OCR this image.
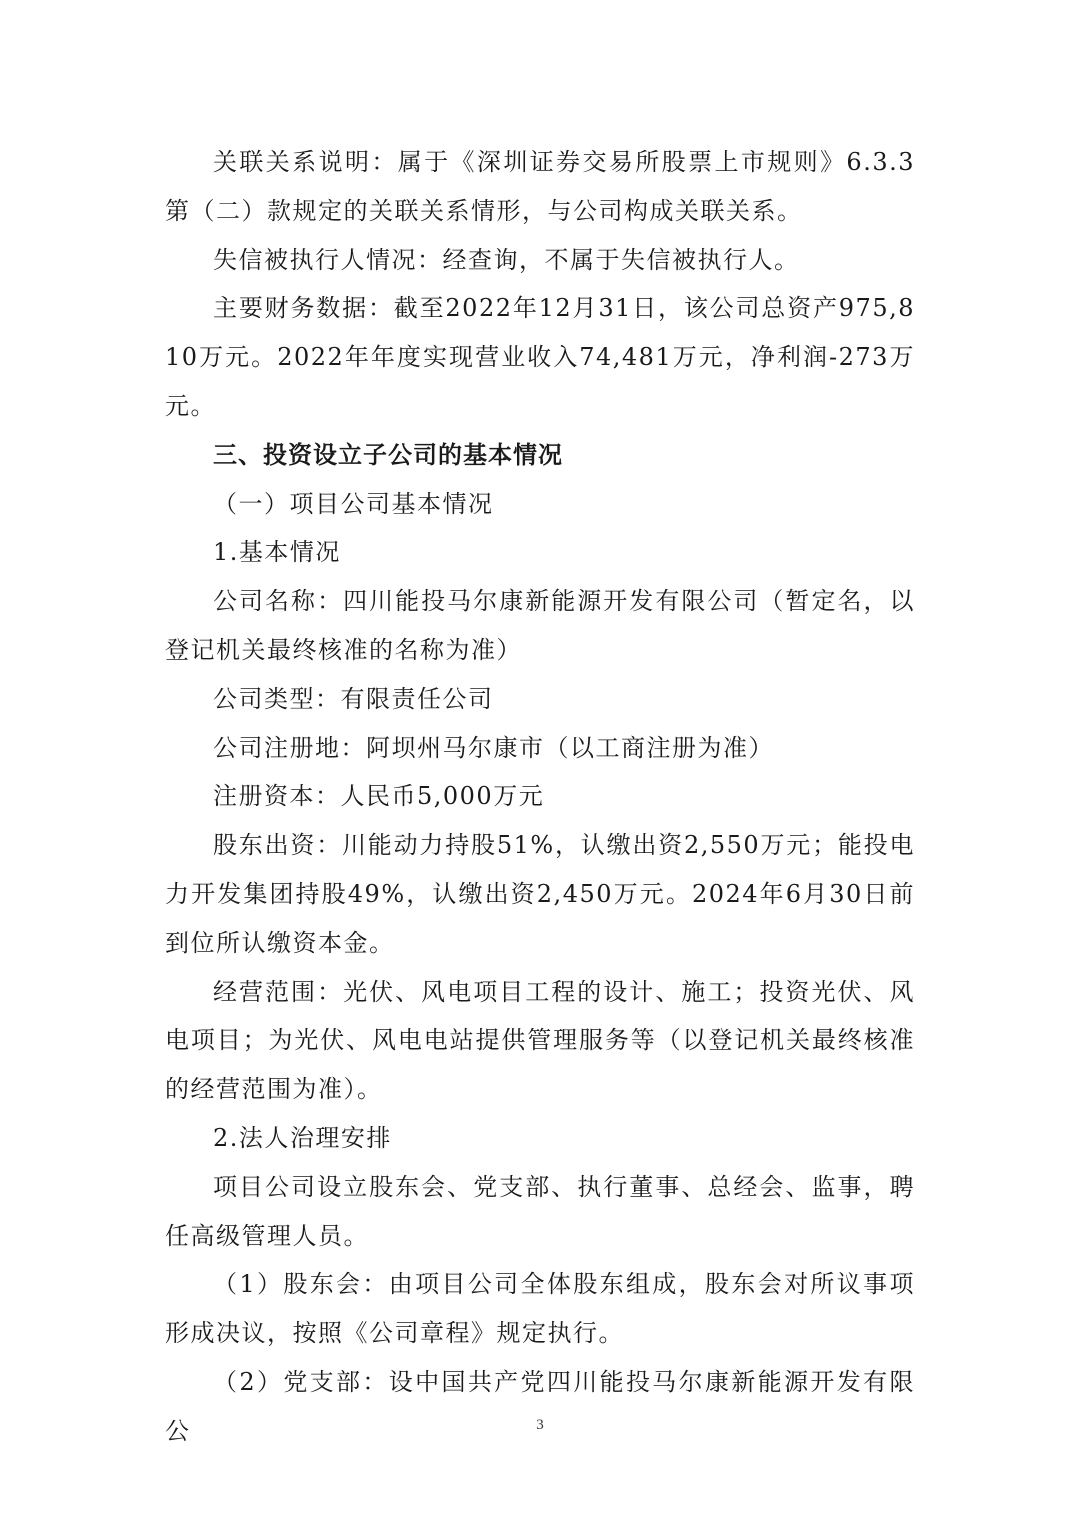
关联关系说明：属于《深圳证券交易所股票上市规则》6.3.3 第（二）款规定的关联关系情形，与公司构成关联关系。

失信被执行人情况：经查询，不属于失信被执行人。

主要财务数据：截至2022年12月31日，该公司总资产975,810万元。2022年年度实现营业收入74,481万元，净利润-273万元。

三、投资设立子公司的基本情况

（一）项目公司基本情况

1.基本情况

公司名称：四川能投马尔康新能源开发有限公司（暂定名，以登记机关最终核准的名称为准）

公司类型：有限责任公司

公司注册地：阿坝州马尔康市（以工商注册为准）

注册资本：人民币5,000万元

股东出资：川能动力持股51%，认缴出资2,550万元；能投电力开发集团持股49%，认缴出资2,450万元。2024年6月30日前到位所认缴资本金。

经营范围：光伏、风电项目工程的设计、施工；投资光伏、风电项目；为光伏、风电电站提供管理服务等（以登记机关最终核准的经营范围为准）。

2.法人治理安排

项目公司设立股东会、党支部、执行董事、总经会、监事，聘任高级管理人员。

（1）股东会：由项目公司全体股东组成，股东会对所议事项形成决议，按照《公司章程》规定执行。

（2）党支部：设中国共产党四川能投马尔康新能源开发有限公	3
